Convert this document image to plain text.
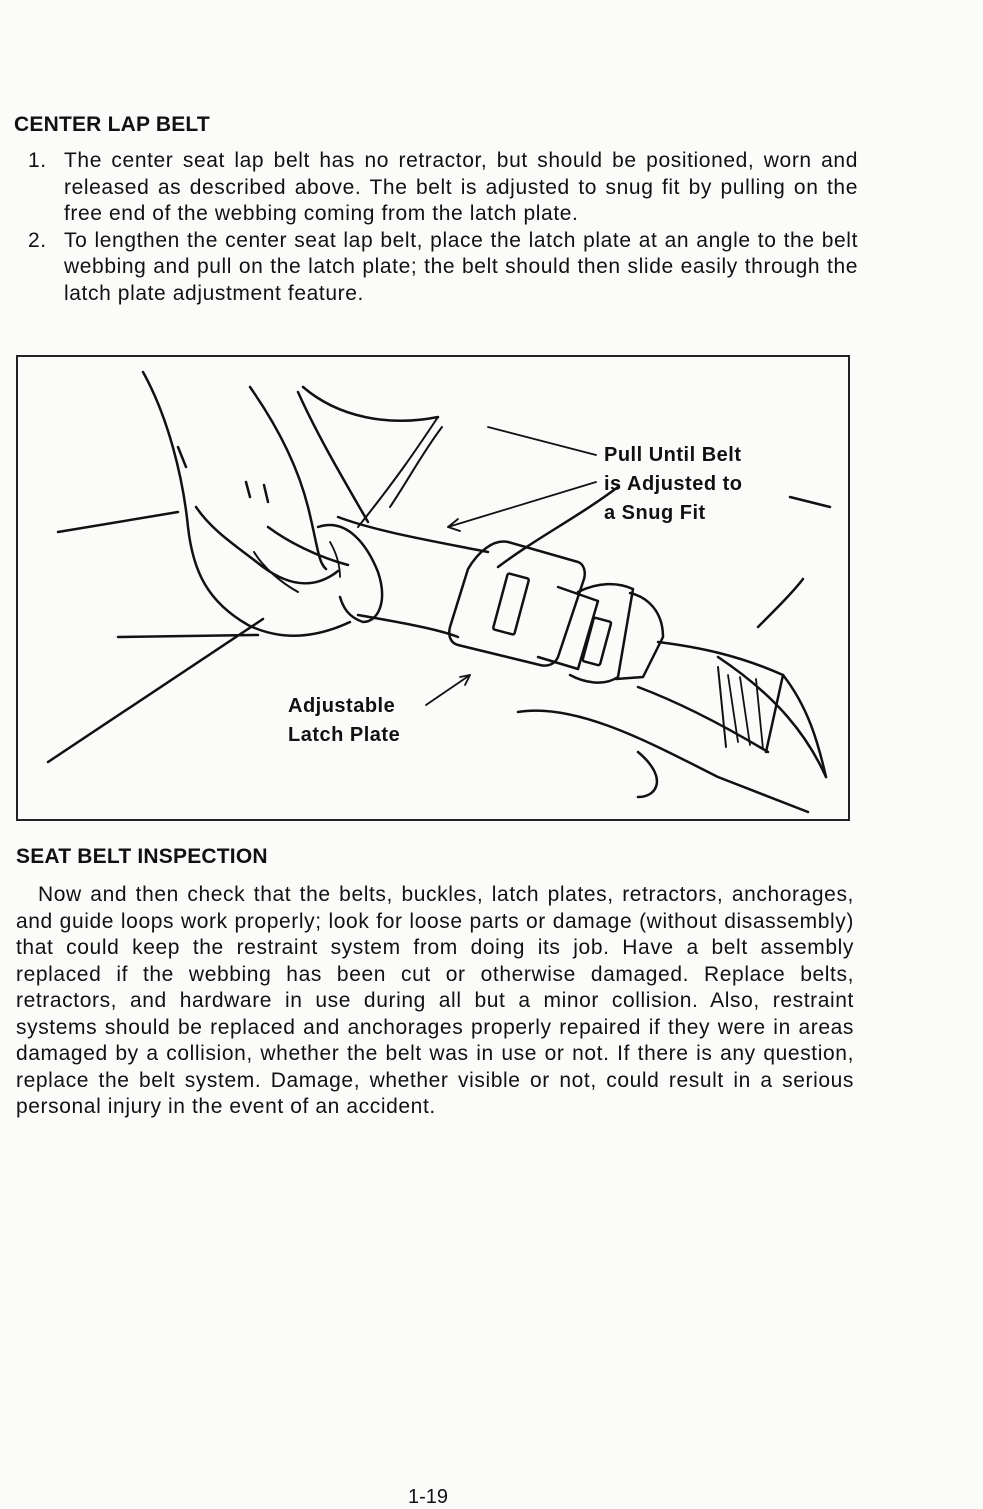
CENTER LAP BELT
1. The center seat lap belt has no retractor, but should be positioned, worn and released as described above. The belt is adjusted to snug fit by pulling on the free end of the webbing coming from the latch plate.
2. To lengthen the center seat lap belt, place the latch plate at an angle to the belt webbing and pull on the latch plate; the belt should then slide easily through the latch plate adjustment feature.
Pull Until Belt
is Adjusted to
a Snug Fit
Adjustable
Latch Plate
SEAT BELT INSPECTION
Now and then check that the belts, buckles, latch plates, retractors, anchorages, and guide loops work properly; look for loose parts or damage (without disassembly) that could keep the restraint system from doing its job. Have a belt assembly replaced if the webbing has been cut or otherwise damaged. Replace belts, retractors, and hardware in use during all but a minor collision. Also, restraint systems should be replaced and anchorages properly repaired if they were in areas damaged by a collision, whether the belt was in use or not. If there is any question, replace the belt system. Damage, whether visible or not, could result in a serious personal injury in the event of an accident.
1-19
